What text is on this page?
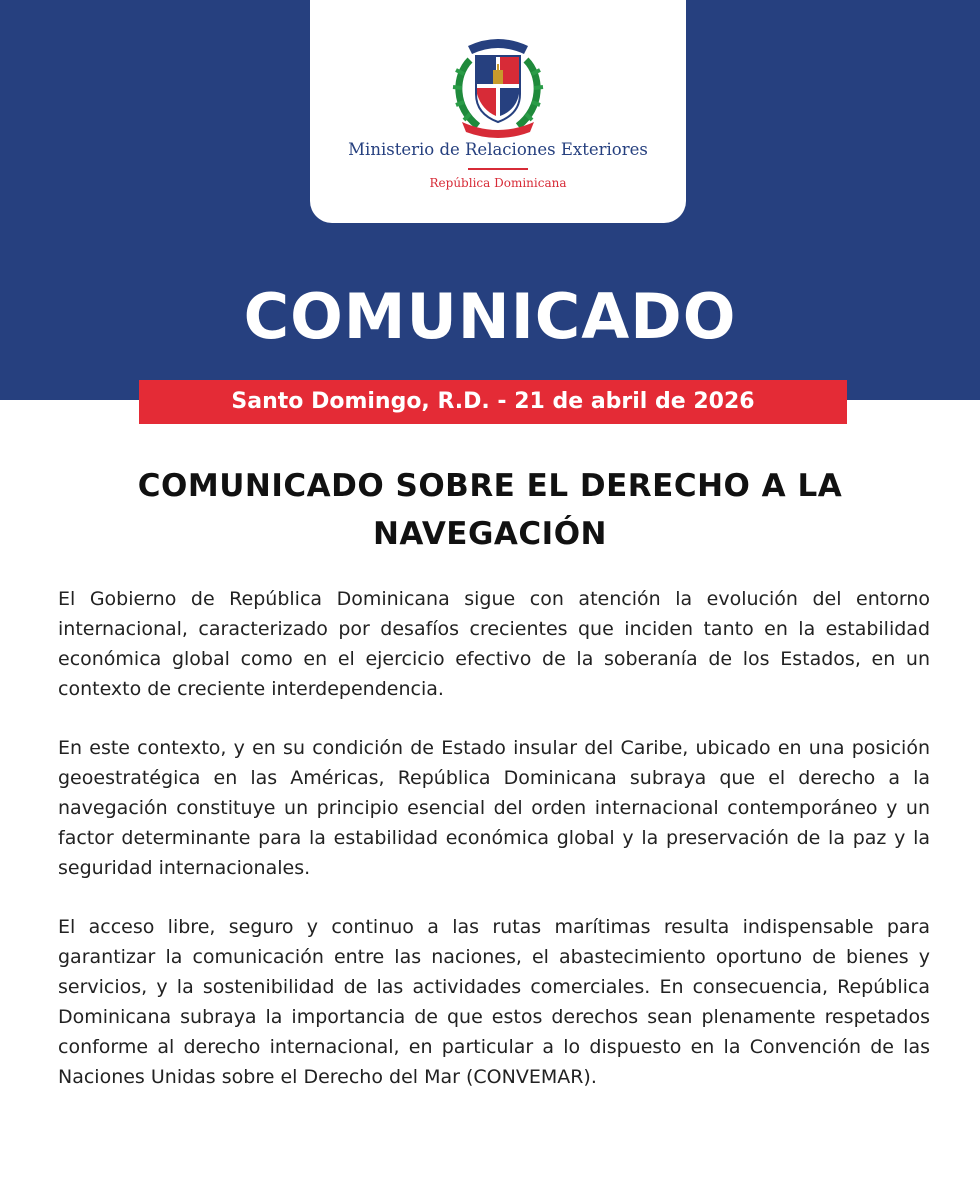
Ministerio de Relaciones Exteriores
República Dominicana
COMUNICADO
Santo Domingo, R.D. - 21 de abril de 2026
COMUNICADO SOBRE EL DERECHO A LA NAVEGACIÓN

El Gobierno de República Dominicana sigue con atención la evolución del entorno internacional, caracterizado por desafíos crecientes que inciden tanto en la estabilidad económica global como en el ejercicio efectivo de la soberanía de los Estados, en un contexto de creciente interdependencia.

En este contexto, y en su condición de Estado insular del Caribe, ubicado en una posición geoestratégica en las Américas, República Dominicana subraya que el derecho a la navegación constituye un principio esencial del orden internacional contemporáneo y un factor determinante para la estabilidad económica global y la preservación de la paz y la seguridad internacionales.

El acceso libre, seguro y continuo a las rutas marítimas resulta indispensable para garantizar la comunicación entre las naciones, el abastecimiento oportuno de bienes y servicios, y la sostenibilidad de las actividades comerciales. En consecuencia, República Dominicana subraya la importancia de que estos derechos sean plenamente respetados conforme al derecho internacional, en particular a lo dispuesto en la Convención de las Naciones Unidas sobre el Derecho del Mar (CONVEMAR).
